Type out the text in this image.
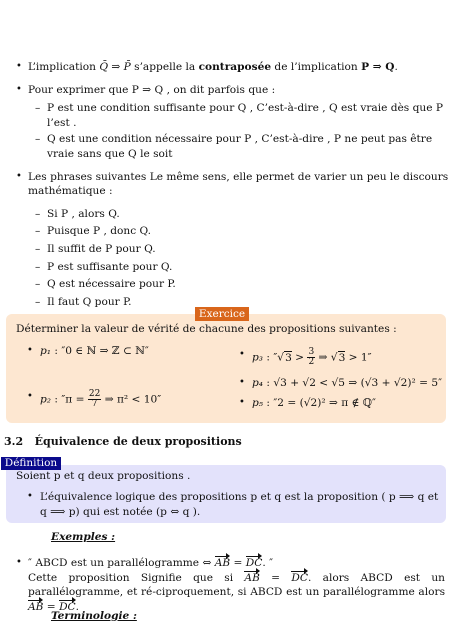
• L’implication Q̄ ⇒ P̄ s’appelle la contraposée de l’implication P ⇒ Q.
• Pour exprimer que P ⇒ Q , on dit parfois que :
– P est une condition suffisante pour Q , C’est-à-dire , Q est vraie dès que P l’est .
– Q est une condition nécessaire pour P , C’est-à-dire , P ne peut pas être vraie sans que Q le soit
• Les phrases suivantes Le même sens, elle permet de varier un peu le discours mathématique :
– Si P , alors Q.
– Puisque P , donc Q.
– Il suffit de P pour Q.
– P est suffisante pour Q.
– Q est nécessaire pour P.
– Il faut Q pour P.
Déterminer la valeur de vérité de chacune des propositions suivantes :
• p₁ : ″0 ∈ ℕ ⇒ ℤ ⊂ ℕ″
• p₂ : $''\pi = \frac{22}{7}$ ⇒ π² < 10″
• p₃ : $''√3 > \frac{3}{2}$ ⇒ √3 > 1″
• p₄ : √3 + √2 < √5 ⇒ (√3 + √2)² = 5″
• p₅ : ″2 = (√2)² ⇒ π ∉ ℚ″
Exercice
3.2 Équivalence de deux propositions
Soient p et q deux propositions .
• L’équivalence logique des propositions p et q est la proposition ( p ⟹ q et q ⟹ p) qui est notée (p ⇔ q ).
Définition
Exemples :
• ″ ABCD est un parallélogramme ⇔ AB = DC. ″
Cette proposition Signifie que si AB = DC. alors ABCD est un parallélogramme, et ré-ciproquement, si ABCD est un parallélogramme alors AB = DC.
Terminologie :
